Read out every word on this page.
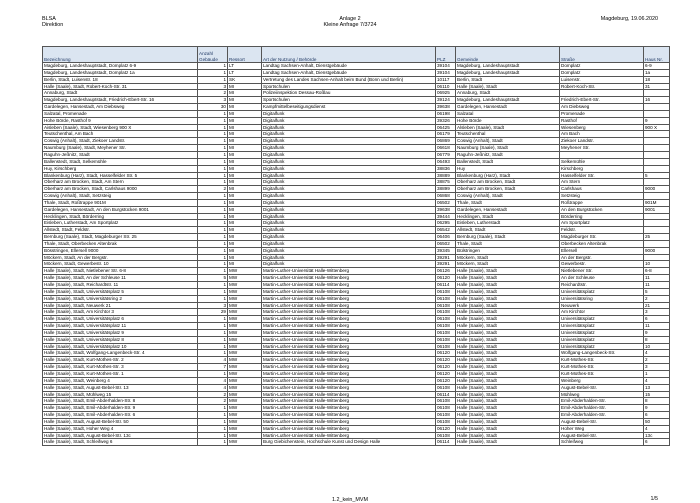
BLSA
Direktion
Anlage 2
Kleine Anfrage 7/3724
Magdeburg, 19.06.2020
Bezeichnung	Anzahl Gebäude	Ressort	Art der Nutzung / Behörde	PLZ	Gemeinde	Straße	Haus Nr.
Magdeburg, Landeshauptstadt, Domplatz 6-9	1	LT	Landtag Sachsen-Anhalt, Dienstgebäude	39104	Magdeburg, Landeshauptstadt	Domplatz	6-9
Magdeburg, Landeshauptstadt, Domplatz 1a	1	LT	Landtag Sachsen-Anhalt, Dienstgebäude	39104	Magdeburg, Landeshauptstadt	Domplatz	1a
Berlin, Stadt, Luisenstr. 18	1	SK	Vertretung des Landes Sachsen-Anhalt beim Bund (Bonn und Berlin)	10117	Berlin, Stadt	Luisenstr.	18
Halle (Saale), Stadt, Robert-Koch-Str. 31	3	MI	Sportschulen	06110	Halle (Saale), Stadt	Robert-Koch-Str.	31
Annaburg, Stadt	2	MI	Polizeiinspektion Dessau-Roßlau	06925	Annaburg, Stadt		
Magdeburg, Landeshauptstadt, Friedrich-Ebert-Str. 16	3	MI	Sportschulen	39124	Magdeburg, Landeshauptstadt	Friedrich-Ebert-Str.	16
Gardelegen, Hansestadt, Am Diebsweg	30	MI	Kampfmittelbeseitigungsdienst	39638	Gardelegen, Hansestadt	Am Diebsweg	
Salzatal, Promenade	1	MI	Digitalfunk	06198	Salzatal	Promenade	
Hohe Börde, Rasthof 9	1	MI	Digitalfunk	39326	Hohe Börde	Rasthof	9
Aisleben (Saale), Stadt, Wiesenberg 900 X	1	MI	Digitalfunk	06425	Alsleben (Saale), Stadt	Wiesenberg	900 X
Teutschenthal, Am Bach	1	MI	Digitalfunk	06179	Teutschenthal	Am Bach	
Coswig (Anhalt), Stadt, Ziekoer Landstr.	1	MI	Digitalfunk	06869	Coswig (Anhalt), Stadt	Ziekoer Landstr.	
Naumburg (Saale), Stadt, Meyhener Str.	1	MI	Digitalfunk	06618	Naumburg (Saale), Stadt	Meyhener Str.	
Raguhn-Jeßnitz, Stadt	1	MI	Digitalfunk	06779	Raguhn-Jeßnitz, Stadt		
Ballenstedt, Stadt, Selkemühle	1	MI	Digitalfunk	06493	Ballenstedt, Stadt	Selkemühle	
Huy, Kirschberg	1	MI	Digitalfunk	38836	Huy	Kirschberg	
Blankenburg (Harz), Stadt, Hasselfelder Str. 5	1	MI	Digitalfunk	38889	Blankenburg (Harz), Stadt	Hasselfelder Str.	5
Oberharz am Brocken, Stadt, Am Stern	1	MI	Digitalfunk	38875	Oberharz am Brocken, Stadt	Am Stern	
Oberharz am Brocken, Stadt, Carlshaus 9000	2	MI	Digitalfunk	38899	Oberharz am Brocken, Stadt	Carlshaus	9000
Coswig (Anhalt), Stadt, Setzsteig	1	MI	Digitalfunk	06868	Coswig (Anhalt), Stadt	Setzsteig	
Thale, Stadt, Roßtrappe 901M	1	MI	Digitalfunk	06502	Thale, Stadt	Roßtrappe	901M
Gardelegen, Hansestadt, An den Burgstücken 9001	1	MI	Digitalfunk	39638	Gardelegen, Hansestadt	An den Burgstücken	9001
Hecklingen, Stadt, Börderring	1	MI	Digitalfunk	39444	Hecklingen, Stadt	Börderring	
Eisleben, Lutherstadt, Am Sportplatz	1	MI	Digitalfunk	06295	Eisleben, Lutherstadt	Am Sportplatz	
Allstedt, Stadt, Feldstr.	1	MI	Digitalfunk	06542	Allstedt, Stadt	Feldstr.	
Bernburg (Saale), Stadt, Magdeburger Str. 25	1	MI	Digitalfunk	06406	Bernburg (Saale), Stadt	Magdeburger Str.	25
Thale, Stadt, Oberbecken Altenbrak	1	MI	Digitalfunk	06502	Thale, Stadt	Oberbecken Altenbrak	
Bösstringen, Ellersell 9000	1	MI	Digitalfunk	39345	Bülstringen	Ellersell	9000
Möckern, Stadt, An der Bergstr.	1	MI	Digitalfunk	39291	Möckern, Stadt	An der Bergstr.	
Möckern, Stadt, Gewerbestr. 10	1	MI	Digitalfunk	39291	Möckern, Stadt	Gewerbestr.	10
Halle (Saale), Stadt, Nietlebener Str. 6-8	1	MW	Martin-Luther-Universität Halle-Wittenberg	06126	Halle (Saale), Stadt	Nietlebener Str.	6-8
Halle (Saale), Stadt, An der Schleuse 11	5	MW	Martin-Luther-Universität Halle-Wittenberg	06120	Halle (Saale), Stadt	An der Schleuse	11
Halle (Saale), Stadt, Reichardtstr. 11	1	MW	Martin-Luther-Universität Halle-Wittenberg	06114	Halle (Saale), Stadt	Reichardtstr.	11
Halle (Saale), Stadt, Universitätsplatz 5	1	MW	Martin-Luther-Universität Halle-Wittenberg	06108	Halle (Saale), Stadt	Universitätsplatz	5
Halle (Saale), Stadt, Universitätsring 2	1	MW	Martin-Luther-Universität Halle-Wittenberg	06108	Halle (Saale), Stadt	Universitätsring	2
Halle (Saale), Stadt, Neuwerk 21	3	MW	Martin-Luther-Universität Halle-Wittenberg	06108	Halle (Saale), Stadt	Neuwerk	21
Halle (Saale), Stadt, Am Kirchtor 3	29	MW	Martin-Luther-Universität Halle-Wittenberg	06108	Halle (Saale), Stadt	Am Kirchtor	3
Halle (Saale), Stadt, Universitätsplatz 6	1	MW	Martin-Luther-Universität Halle-Wittenberg	06108	Halle (Saale), Stadt	Universitätsplatz	6
Halle (Saale), Stadt, Universitätsplatz 11	1	MW	Martin-Luther-Universität Halle-Wittenberg	06108	Halle (Saale), Stadt	Universitätsplatz	11
Halle (Saale), Stadt, Universitätsplatz 9	1	MW	Martin-Luther-Universität Halle-Wittenberg	06108	Halle (Saale), Stadt	Universitätsplatz	9
Halle (Saale), Stadt, Universitätsplatz 8	1	MW	Martin-Luther-Universität Halle-Wittenberg	06108	Halle (Saale), Stadt	Universitätsplatz	8
Halle (Saale), Stadt, Universitätsplatz 10	1	MW	Martin-Luther-Universität Halle-Wittenberg	06108	Halle (Saale), Stadt	Universitätsplatz	10
Halle (Saale), Stadt, Wolfgang-Langenbeck-Str. 4	1	MW	Martin-Luther-Universität Halle-Wittenberg	06120	Halle (Saale), Stadt	Wolfgang-Langenbeck-Str.	4
Halle (Saale), Stadt, Kurt-Mothes-Str. 2	4	MW	Martin-Luther-Universität Halle-Wittenberg	06120	Halle (Saale), Stadt	Kurt-Mothes-Str.	2
Halle (Saale), Stadt, Kurt-Mothes-Str. 3	7	MW	Martin-Luther-Universität Halle-Wittenberg	06120	Halle (Saale), Stadt	Kurt-Mothes-Str.	3
Halle (Saale), Stadt, Kurt-Mothes-Str. 1	1	MW	Martin-Luther-Universität Halle-Wittenberg	06120	Halle (Saale), Stadt	Kurt-Mothes-Str.	1
Halle (Saale), Stadt, Weinberg 4	4	MW	Martin-Luther-Universität Halle-Wittenberg	06120	Halle (Saale), Stadt	Weinberg	4
Halle (Saale), Stadt, August-Bebel-Str. 13	4	MW	Martin-Luther-Universität Halle-Wittenberg	06108	Halle (Saale), Stadt	August-Bebel-Str.	13
Halle (Saale), Stadt, Mühlweg 15	2	MW	Martin-Luther-Universität Halle-Wittenberg	06114	Halle (Saale), Stadt	Mühlweg	15
Halle (Saale), Stadt, Emil-Abderhalden-Str. 8	2	MW	Martin-Luther-Universität Halle-Wittenberg	06108	Halle (Saale), Stadt	Emil-Abderhalden-Str.	8
Halle (Saale), Stadt, Emil-Abderhalden-Str. 9	1	MW	Martin-Luther-Universität Halle-Wittenberg	06108	Halle (Saale), Stadt	Emil-Abderhalden-Str.	9
Halle (Saale), Stadt, Emil-Abderhalden-Str. 6	1	MW	Martin-Luther-Universität Halle-Wittenberg	06108	Halle (Saale), Stadt	Emil-Abderhalden-Str.	6
Halle (Saale), Stadt, August-Bebel-Str. 50	1	MW	Martin-Luther-Universität Halle-Wittenberg	06108	Halle (Saale), Stadt	August-Bebel-Str.	50
Halle (Saale), Stadt, Hoher Weg 4	1	MW	Martin-Luther-Universität Halle-Wittenberg	06120	Halle (Saale), Stadt	Hoher Weg	4
Halle (Saale), Stadt, August-Bebel-Str. 13c	1	MW	Martin-Luther-Universität Halle-Wittenberg	06108	Halle (Saale), Stadt	August-Bebel-Str.	13c
Halle (Saale), Stadt, Schleifweg 6	1	MW	Burg Giebichenstein, Hochschule Kunst und Design Halle	06114	Halle (Saale), Stadt	Schleifweg	6
1.2_kein_MVM	1/5
